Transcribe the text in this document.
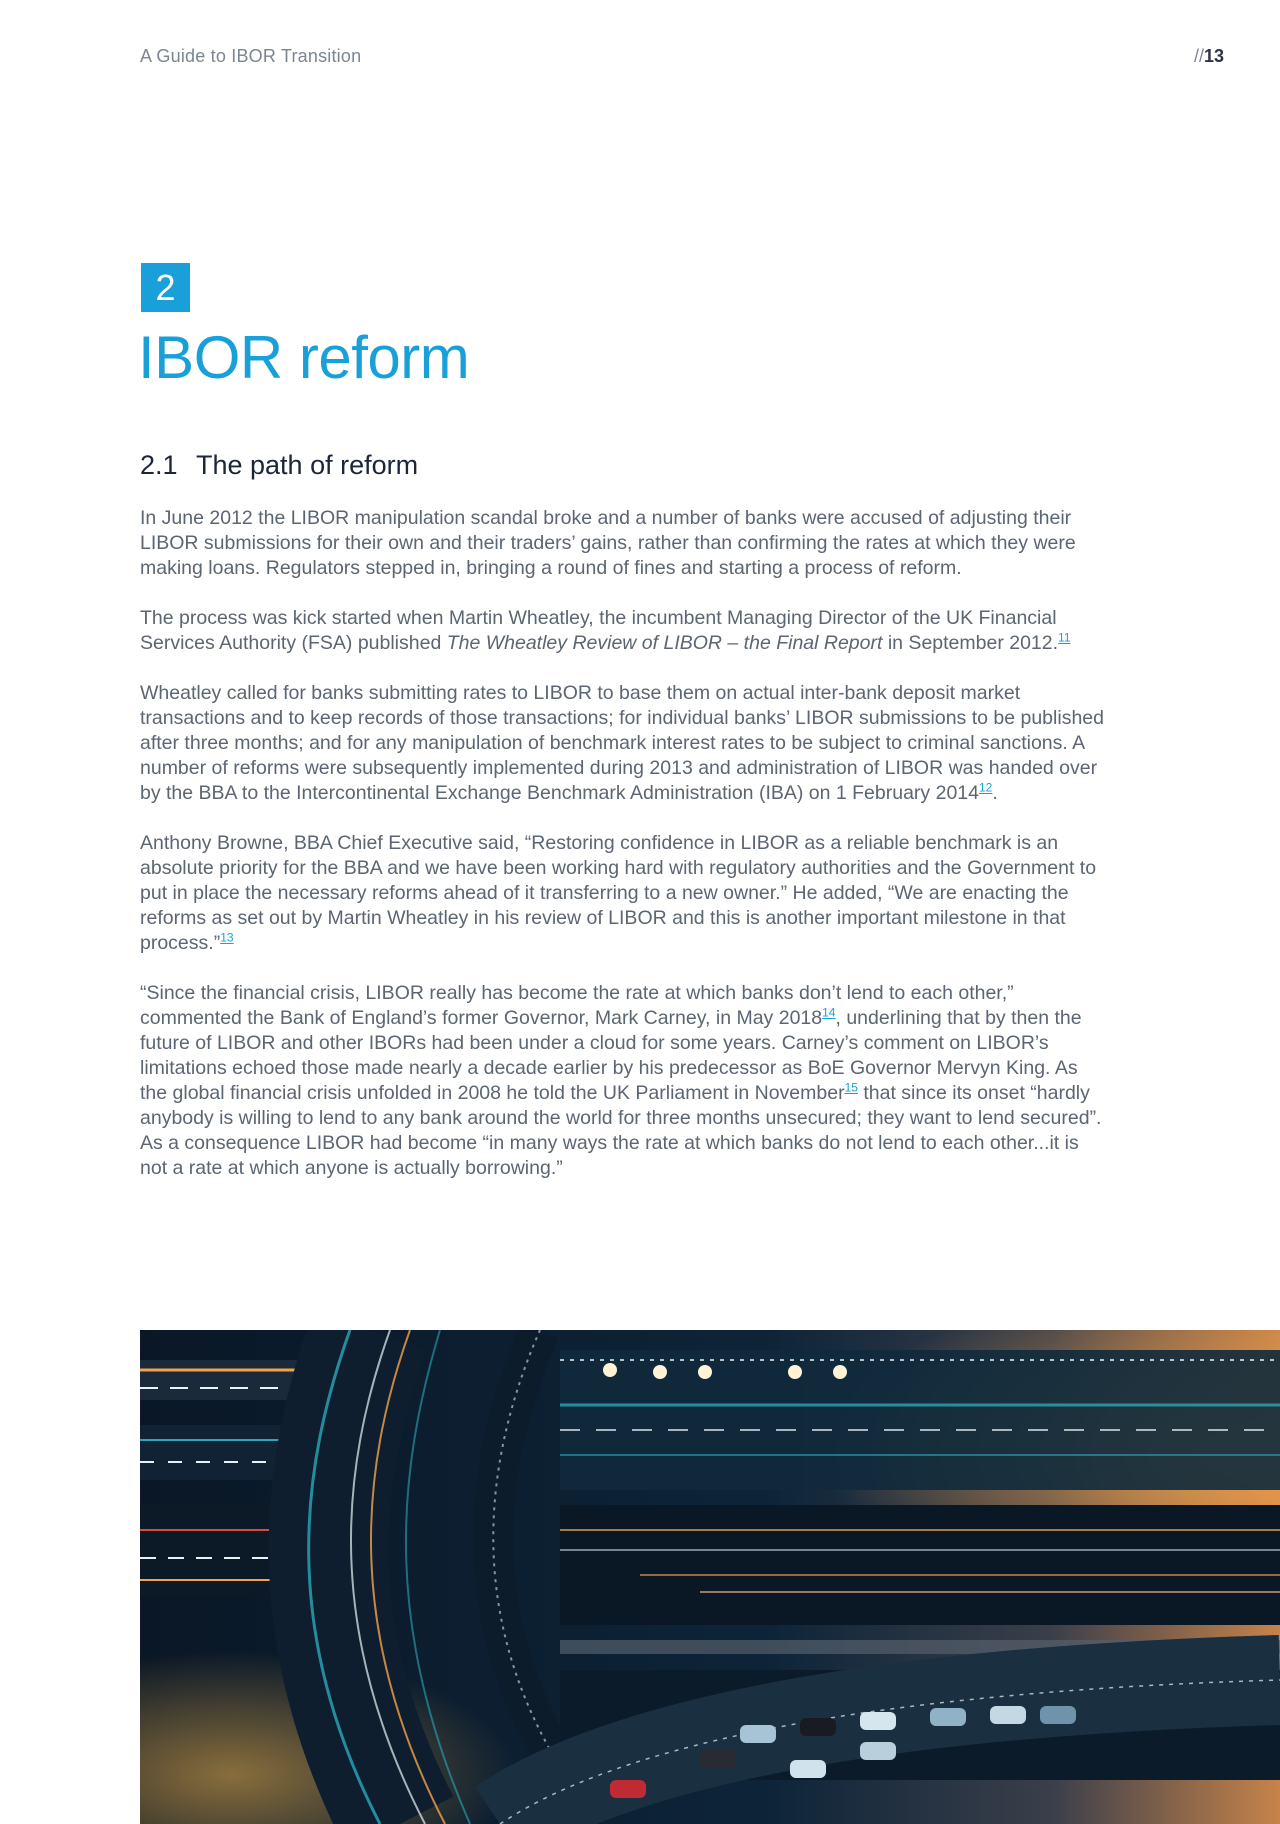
A Guide to IBOR Transition	//13
2
IBOR reform
2.1 The path of reform

In June 2012 the LIBOR manipulation scandal broke and a number of banks were accused of adjusting their LIBOR submissions for their own and their traders’ gains, rather than confirming the rates at which they were making loans. Regulators stepped in, bringing a round of fines and starting a process of reform.

The process was kick started when Martin Wheatley, the incumbent Managing Director of the UK Financial Services Authority (FSA) published The Wheatley Review of LIBOR – the Final Report in September 2012.11

Wheatley called for banks submitting rates to LIBOR to base them on actual inter-bank deposit market transactions and to keep records of those transactions; for individual banks’ LIBOR submissions to be published after three months; and for any manipulation of benchmark interest rates to be subject to criminal sanctions. A number of reforms were subsequently implemented during 2013 and administration of LIBOR was handed over by the BBA to the Intercontinental Exchange Benchmark Administration (IBA) on 1 February 2014$^{12}$.

Anthony Browne, BBA Chief Executive said, “Restoring confidence in LIBOR as a reliable benchmark is an absolute priority for the BBA and we have been working hard with regulatory authorities and the Government to put in place the necessary reforms ahead of it transferring to a new owner.” He added, “We are enacting the reforms as set out by Martin Wheatley in his review of LIBOR and this is another important milestone in that process.”$^{13}$

“Since the financial crisis, LIBOR really has become the rate at which banks don’t lend to each other,” commented the Bank of England’s former Governor, Mark Carney, in May 2018$^{14}$, underlining that by then the future of LIBOR and other IBORs had been under a cloud for some years. Carney’s comment on LIBOR’s limitations echoed those made nearly a decade earlier by his predecessor as BoE Governor Mervyn King. As the global financial crisis unfolded in 2008 he told the UK Parliament in November$^{15}$ that since its onset “hardly anybody is willing to lend to any bank around the world for three months unsecured; they want to lend secured”. As a consequence LIBOR had become “in many ways the rate at which banks do not lend to each other...it is not a rate at which anyone is actually borrowing.”
